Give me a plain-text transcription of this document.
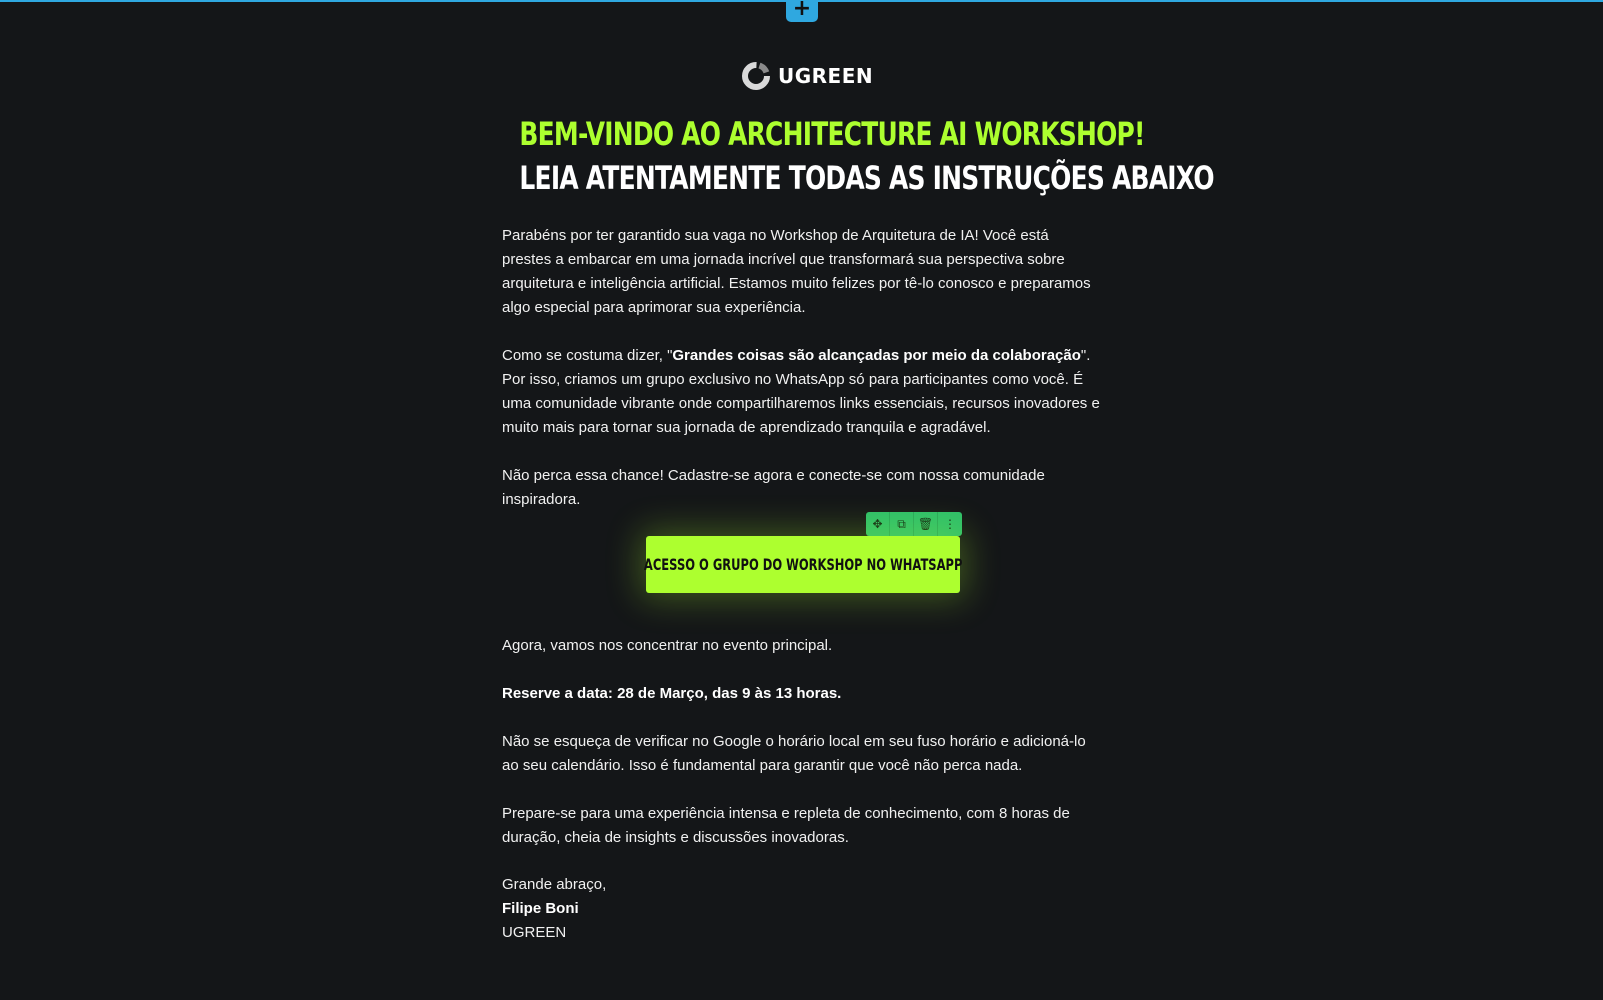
+
UGREEN
BEM-VINDO AO ARCHITECTURE AI WORKSHOP!
LEIA ATENTAMENTE TODAS AS INSTRUÇÕES ABAIXO

Parabéns por ter garantido sua vaga no Workshop de Arquitetura de IA! Você está prestes a embarcar em uma jornada incrível que transformará sua perspectiva sobre arquitetura e inteligência artificial. Estamos muito felizes por tê-lo conosco e preparamos algo especial para aprimorar sua experiência.

Como se costuma dizer, "Grandes coisas são alcançadas por meio da colaboração". Por isso, criamos um grupo exclusivo no WhatsApp só para participantes como você. É uma comunidade vibrante onde compartilharemos links essenciais, recursos inovadores e muito mais para tornar sua jornada de aprendizado tranquila e agradável.

Não perca essa chance! Cadastre-se agora e conecte-se com nossa comunidade inspiradora.

✥	⧉	🗑 ⋮
ACESSO O GRUPO DO WORKSHOP NO WHATSAPP

Agora, vamos nos concentrar no evento principal.

Reserve a data: 28 de Março, das 9 às 13 horas.

Não se esqueça de verificar no Google o horário local em seu fuso horário e adicioná-lo ao seu calendário. Isso é fundamental para garantir que você não perca nada.

Prepare-se para uma experiência intensa e repleta de conhecimento, com 8 horas de duração, cheia de insights e discussões inovadoras.

Grande abraço,

Filipe Boni

UGREEN
